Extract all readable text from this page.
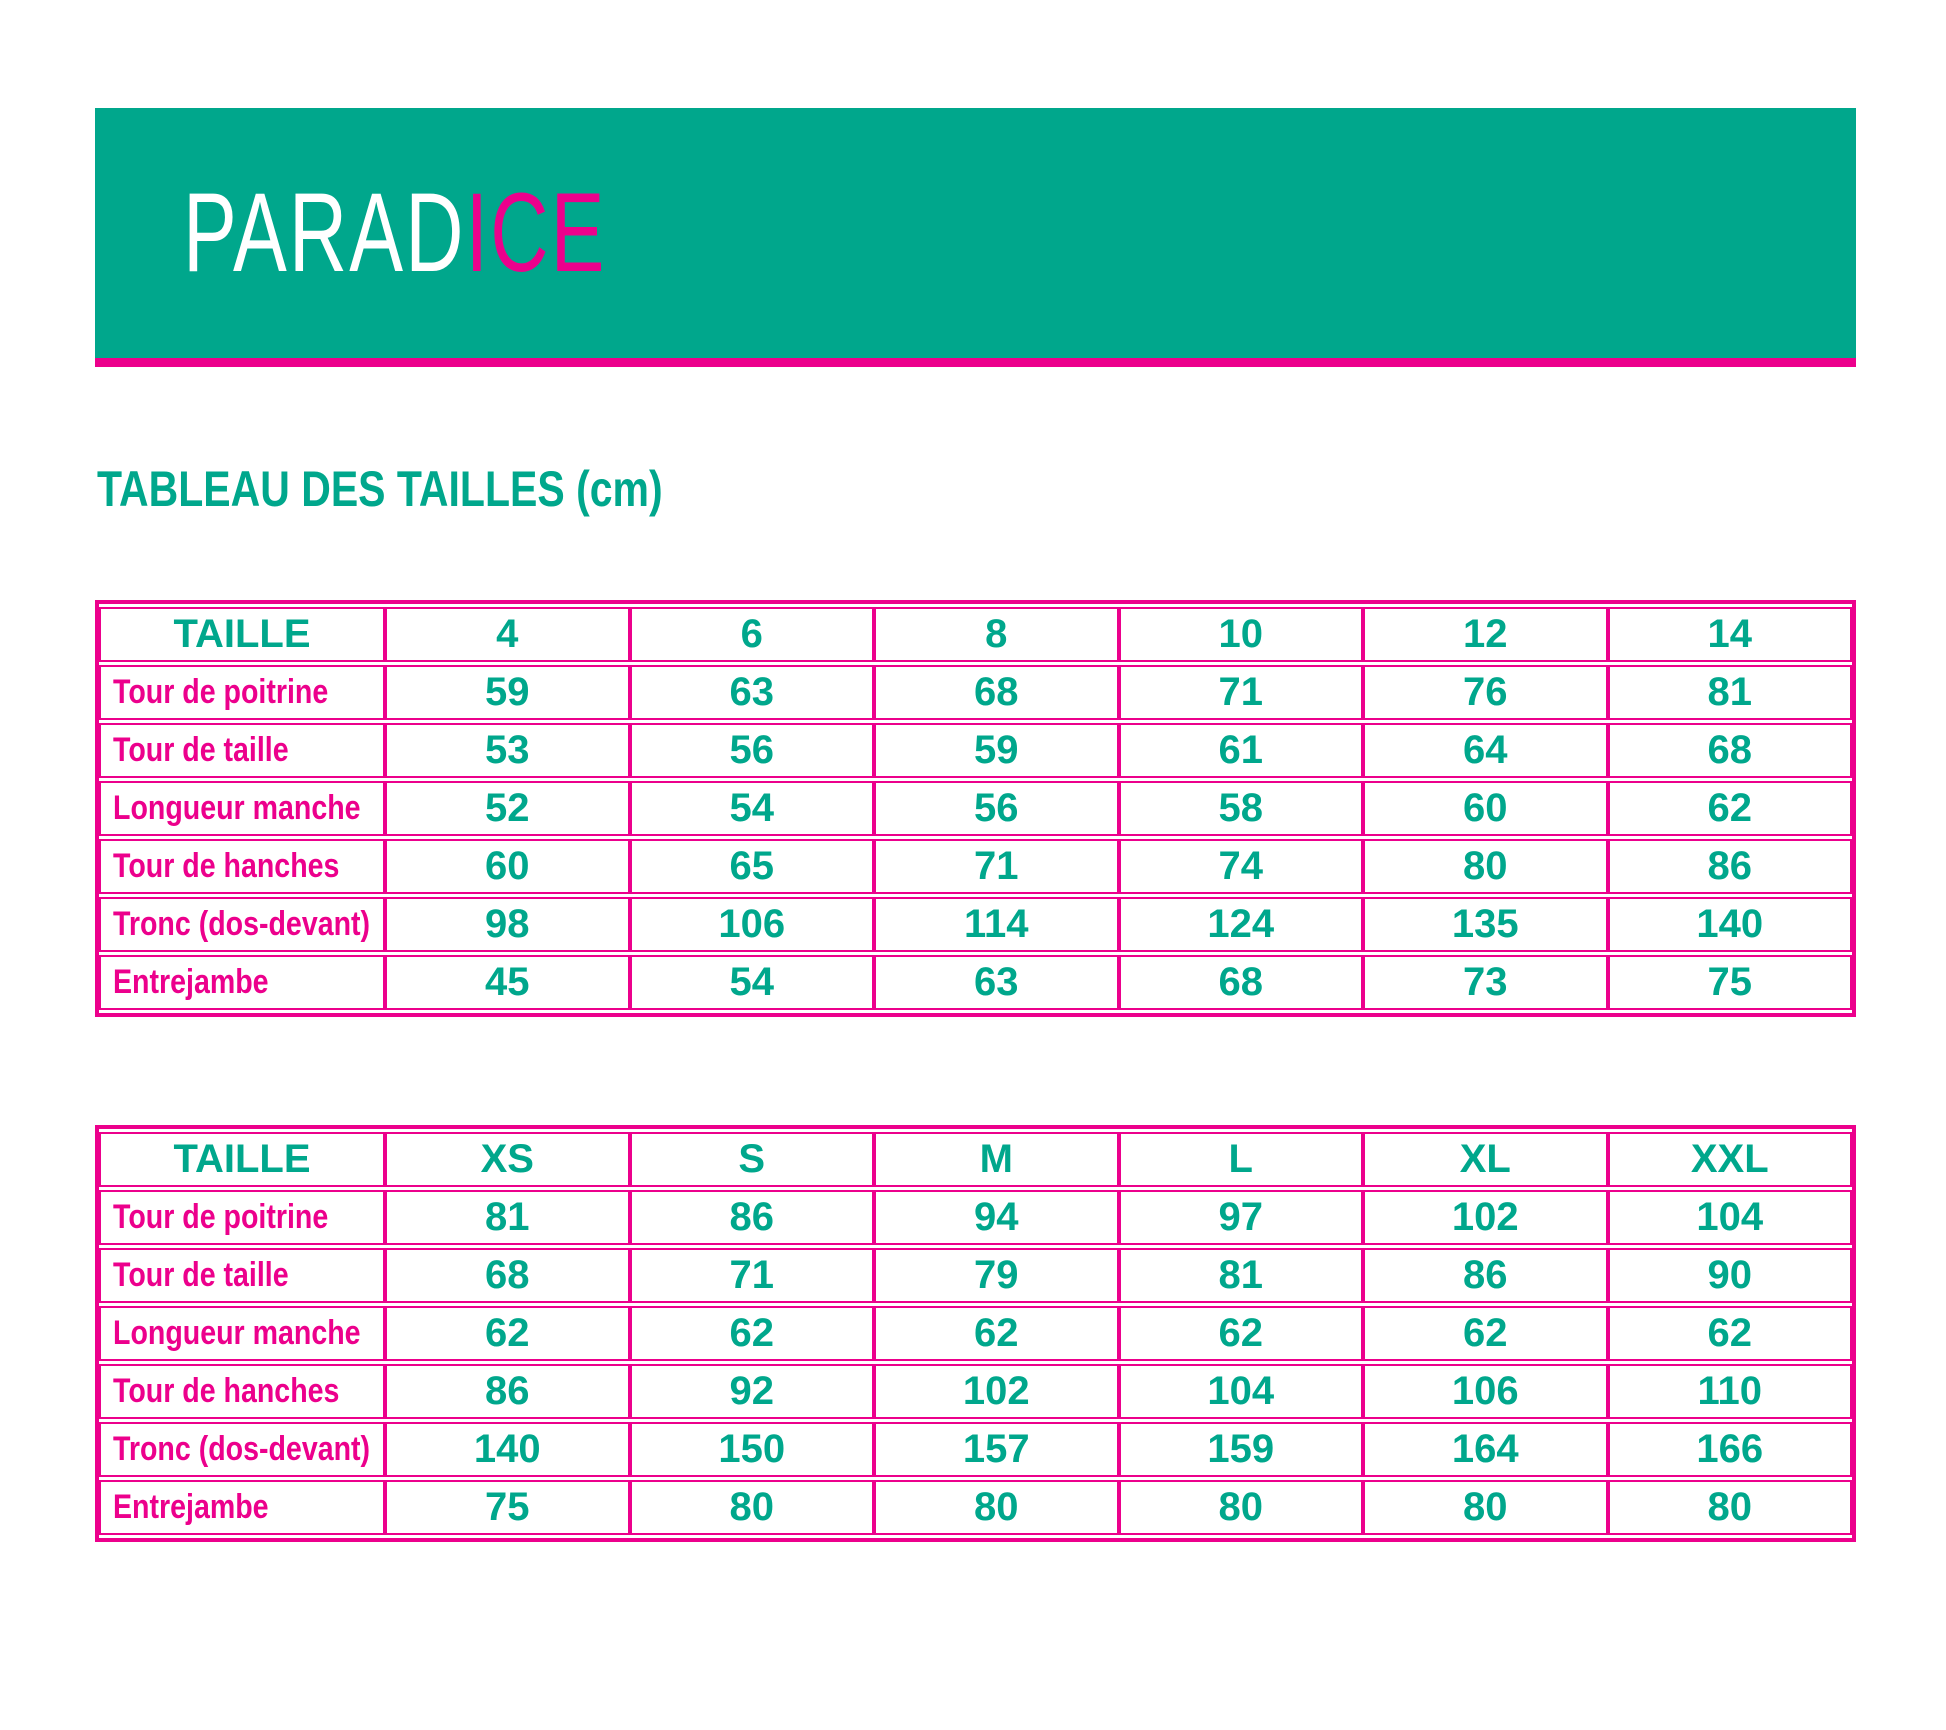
PARADICE
TABLEAU DES TAILLES (cm)
TAILLE	4	6	8	10	12	14
Tour de poitrine	59	63	68	71	76	81
Tour de taille	53	56	59	61	64	68
Longueur manche	52	54	56	58	60	62
Tour de hanches	60	65	71	74	80	86
Tronc (dos-devant)	98	106	114	124	135	140
Entrejambe	45	54	63	68	73	75
TAILLE	XS	S	M	L	XL	XXL
Tour de poitrine	81	86	94	97	102	104
Tour de taille	68	71	79	81	86	90
Longueur manche	62	62	62	62	62	62
Tour de hanches	86	92	102	104	106	110
Tronc (dos-devant)	140	150	157	159	164	166
Entrejambe	75	80	80	80	80	80
